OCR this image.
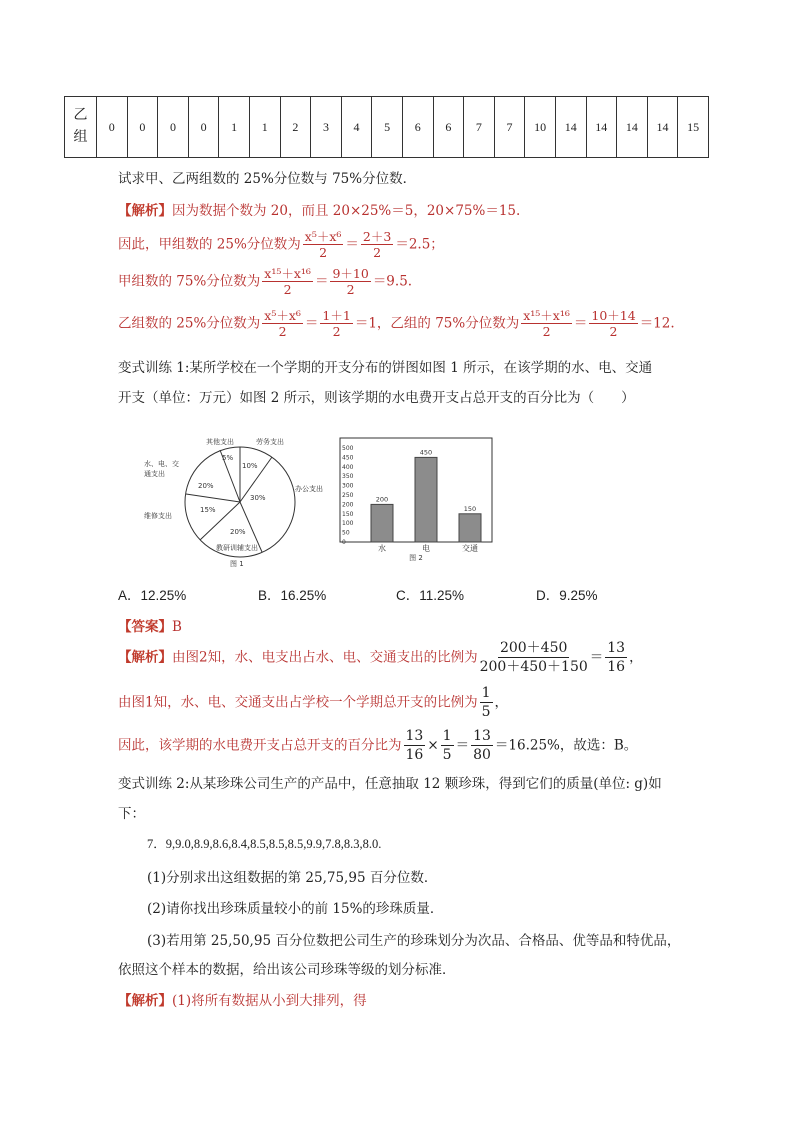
乙组	0	0	0	0	1	1	2	3	4	5	6	6	7	7	10	14	14	14	14	15
试求甲、乙两组数的 25%分位数与 75%分位数．
【解析】因为数据个数为 20，而且 20×25%＝5，20×75%＝15.
因此，甲组数的 25%分位数为 $\frac{\text{x⁵＋x⁶}}{2} = \frac{2+3}{2} =2.5$；
甲组数的 75%分位数为 $\frac{\text{x¹⁵＋x¹⁶}}{2} = \frac{9+10}{2} =9.5$.
乙组数的 25%分位数为 $\frac{\text{x⁵＋x⁶}}{2} = \frac{1+1}{2} =1$，乙组的 75%分位数为 $\frac{\text{x¹⁵＋x¹⁶}}{2} = \frac{10+14}{2} =12$.
变式训练 1:某所学校在一个学期的开支分布的饼图如图 1 所示，在该学期的水、电、交通
开支（单位：万元）如图 2 所示，则该学期的水电费开支占总开支的百分比为（　　）
5%
10%
30%
20%
15%
20%
其他支出	劳务支出
水、电、交
通支出
维修支出
教研训辅支出
图 1
办公支出
500
450
400
350
300
250
200
150
100
50
0
200
水
450
电
150
交通
图 2
A．12.25%	B．16.25%	C．11.25%	D．9.25%
【答案】B
【解析】由图2知，水、电支出占水、电、交通支出的比例为 $\frac{200+450}{200+450+150} = \frac{13}{16}$ ，
由图1知，水、电、交通支出占学校一个学期总开支的比例为 $\frac{1}{5}$ ，
因此，该学期的水电费开支占总开支的百分比为 $\frac{13}{16} \times \frac{1}{5} = \frac{13}{80} =16.25\%$，故选：B。
变式训练 2:从某珍珠公司生产的产品中，任意抽取 12 颗珍珠，得到它们的质量(单位: g)如
下：
7．9,9.0,8.9,8.6,8.4,8.5,8.5,8.5,9.9,7.8,8.3,8.0.
(1)分别求出这组数据的第 25,75,95 百分位数．
(2)请你找出珍珠质量较小的前 15%的珍珠质量．
(3)若用第 25,50,95 百分位数把公司生产的珍珠划分为次品、合格品、优等品和特优品，
依照这个样本的数据，给出该公司珍珠等级的划分标准．
【解析】(1)将所有数据从小到大排列，得
